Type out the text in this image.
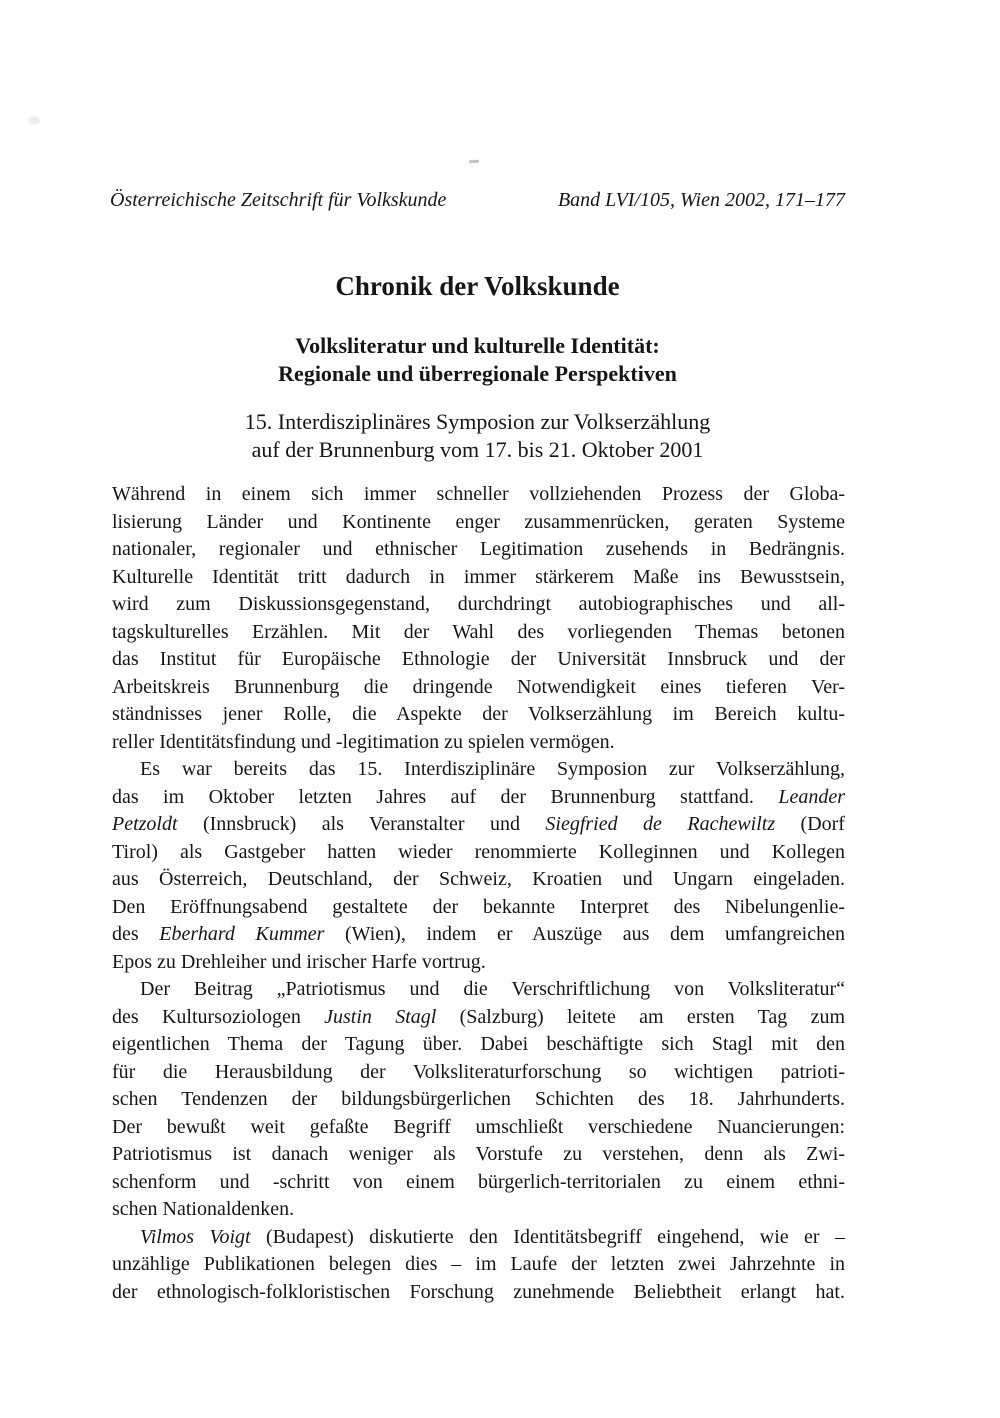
Österreichische Zeitschrift für Volkskunde	Band LVI/105, Wien 2002, 171–177
Chronik der Volkskunde
Volksliteratur und kulturelle Identität:
Regionale und überregionale Perspektiven
15. Interdisziplinäres Symposion zur Volkserzählung
auf der Brunnenburg vom 17. bis 21. Oktober 2001
Während in einem sich immer schneller vollziehenden Prozess der Globa-
lisierung Länder und Kontinente enger zusammenrücken, geraten Systeme
nationaler, regionaler und ethnischer Legitimation zusehends in Bedrängnis.
Kulturelle Identität tritt dadurch in immer stärkerem Maße ins Bewusstsein,
wird zum Diskussionsgegenstand, durchdringt autobiographisches und all-
tagskulturelles Erzählen. Mit der Wahl des vorliegenden Themas betonen
das Institut für Europäische Ethnologie der Universität Innsbruck und der
Arbeitskreis Brunnenburg die dringende Notwendigkeit eines tieferen Ver-
ständnisses jener Rolle, die Aspekte der Volkserzählung im Bereich kultu-
reller Identitätsfindung und -legitimation zu spielen vermögen.
Es war bereits das 15. Interdisziplinäre Symposion zur Volkserzählung,
das im Oktober letzten Jahres auf der Brunnenburg stattfand. Leander
Petzoldt (Innsbruck) als Veranstalter und Siegfried de Rachewiltz (Dorf
Tirol) als Gastgeber hatten wieder renommierte Kolleginnen und Kollegen
aus Österreich, Deutschland, der Schweiz, Kroatien und Ungarn eingeladen.
Den Eröffnungsabend gestaltete der bekannte Interpret des Nibelungenlie-
des Eberhard Kummer (Wien), indem er Auszüge aus dem umfangreichen
Epos zu Drehleiher und irischer Harfe vortrug.
Der Beitrag „Patriotismus und die Verschriftlichung von Volksliteratur“
des Kultursoziologen Justin Stagl (Salzburg) leitete am ersten Tag zum
eigentlichen Thema der Tagung über. Dabei beschäftigte sich Stagl mit den
für die Herausbildung der Volksliteraturforschung so wichtigen patrioti-
schen Tendenzen der bildungsbürgerlichen Schichten des 18. Jahrhunderts.
Der bewußt weit gefaßte Begriff umschließt verschiedene Nuancierungen:
Patriotismus ist danach weniger als Vorstufe zu verstehen, denn als Zwi-
schenform und -schritt von einem bürgerlich-territorialen zu einem ethni-
schen Nationaldenken.
Vilmos Voigt (Budapest) diskutierte den Identitätsbegriff eingehend, wie er –
unzählige Publikationen belegen dies – im Laufe der letzten zwei Jahrzehnte in
der ethnologisch-folkloristischen Forschung zunehmende Beliebtheit erlangt hat.
